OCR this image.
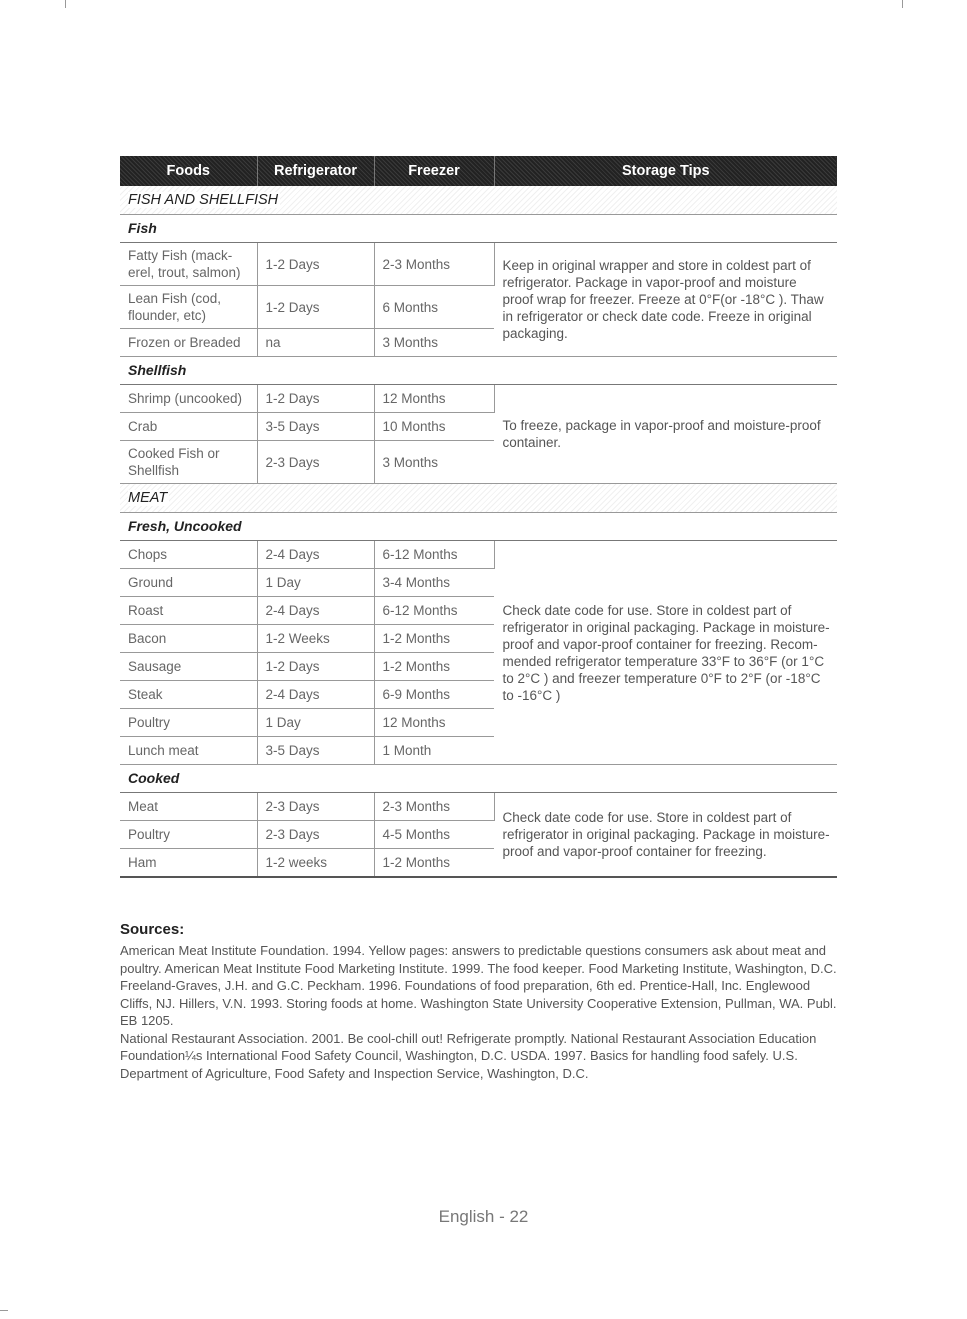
Foods	Refrigerator	Freezer	Storage Tips
FISH AND SHELLFISH			
Fish			
Fatty Fish (mack-erel, trout, salmon)	1-2 Days	2-3 Months	Keep in original wrapper and store in coldest part of refrigerator. Package in vapor-proof and moisture proof wrap for freezer. Freeze at 0°F(or -18°C ). Thaw in refrigerator or check date code. Freeze in original packaging.
Lean Fish (cod, flounder, etc)	1-2 Days	6 Months	
Frozen or Breaded	na	3 Months	
Shellfish			
Shrimp (uncooked)	1-2 Days	12 Months	To freeze, package in vapor-proof and moisture-proof container.
Crab	3-5 Days	10 Months	
Cooked Fish or Shellfish	2-3 Days	3 Months	
MEAT			
Fresh, Uncooked			
Chops	2-4 Days	6-12 Months	Check date code for use. Store in coldest part of refrigerator in original packaging. Package in moisture-proof and vapor-proof container for freezing. Recom-mended refrigerator temperature 33°F to 36°F (or 1°C to 2°C ) and freezer temperature 0°F to 2°F (or -18°C to -16°C )
Ground	1 Day	3-4 Months	
Roast	2-4 Days	6-12 Months	
Bacon	1-2 Weeks	1-2 Months	
Sausage	1-2 Days	1-2 Months	
Steak	2-4 Days	6-9 Months	
Poultry	1 Day	12 Months	
Lunch meat	3-5 Days	1 Month	
Cooked			
Meat	2-3 Days	2-3 Months	Check date code for use. Store in coldest part of refrigerator in original packaging. Package in moisture-proof and vapor-proof container for freezing.
Poultry	2-3 Days	4-5 Months	
Ham	1-2 weeks	1-2 Months	
Sources:

American Meat Institute Foundation. 1994. Yellow pages: answers to predictable questions consumers ask about meat and poultry. American Meat Institute Food Marketing Institute. 1999. The food keeper. Food Marketing Institute, Washington, D.C. Freeland-Graves, J.H. and G.C. Peckham. 1996. Foundations of food preparation, 6th ed. Prentice-Hall, Inc. Englewood Cliffs, NJ. Hillers, V.N. 1993. Storing foods at home. Washington State University Cooperative Extension, Pullman, WA. Publ. EB 1205.

National Restaurant Association. 2001. Be cool-chill out! Refrigerate promptly. National Restaurant Association Education Foundation¼s International Food Safety Council, Washington, D.C. USDA. 1997. Basics for handling food safely. U.S. Department of Agriculture, Food Safety and Inspection Service, Washington, D.C.

English - 22
